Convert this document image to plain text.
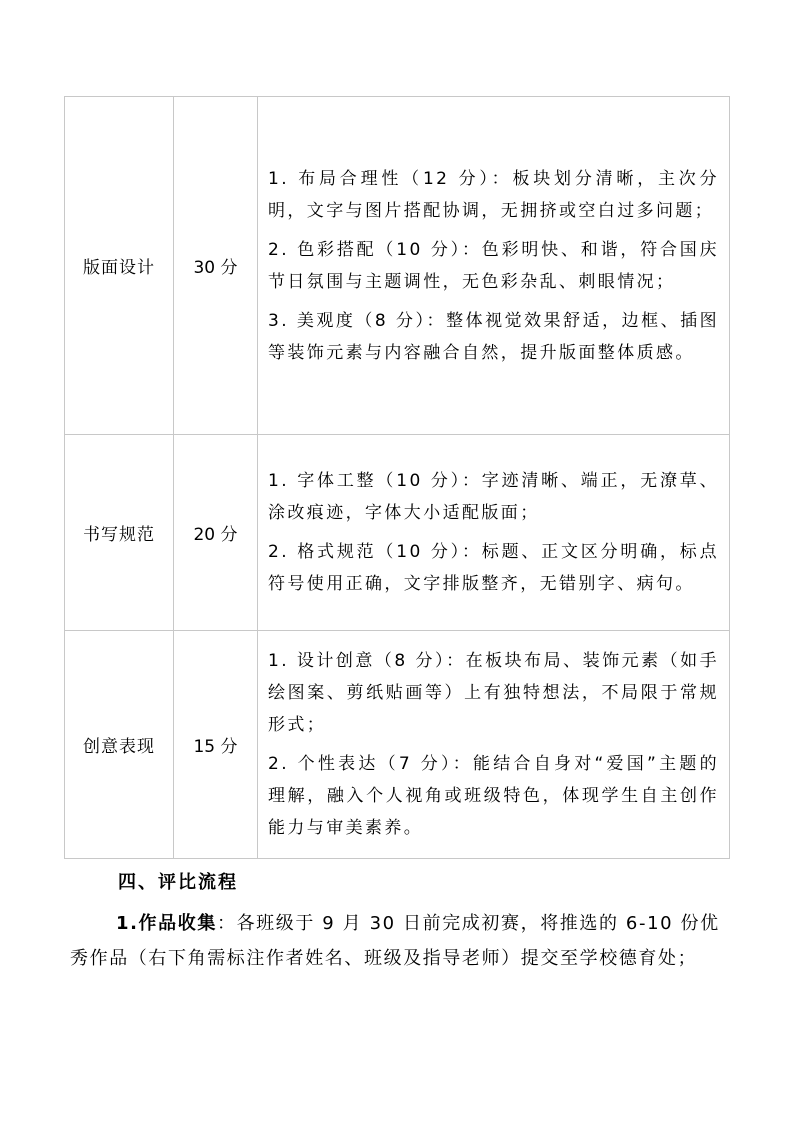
版面设计	30 分	1. 布局合理性（12 分）：板块划分清晰，主次分明，文字与图片搭配协调，无拥挤或空白过多问题；

2. 色彩搭配（10 分）：色彩明快、和谐，符合国庆节日氛围与主题调性，无色彩杂乱、刺眼情况；

3. 美观度（8 分）：整体视觉效果舒适，边框、插图等装饰元素与内容融合自然，提升版面整体质感。

书写规范	20 分	1. 字体工整（10 分）：字迹清晰、端正，无潦草、涂改痕迹，字体大小适配版面；

2. 格式规范（10 分）：标题、正文区分明确，标点符号使用正确，文字排版整齐，无错别字、病句。

创意表现	15 分	1. 设计创意（8 分）：在板块布局、装饰元素（如手绘图案、剪纸贴画等）上有独特想法，不局限于常规形式；

2. 个性表达（7 分）：能结合自身对“爱国”主题的理解，融入个人视角或班级特色，体现学生自主创作能力与审美素养。

四、评比流程

1.作品收集：各班级于 9 月 30 日前完成初赛，将推选的 6-10 份优秀作品（右下角需标注作者姓名、班级及指导老师）提交至学校德育处；
